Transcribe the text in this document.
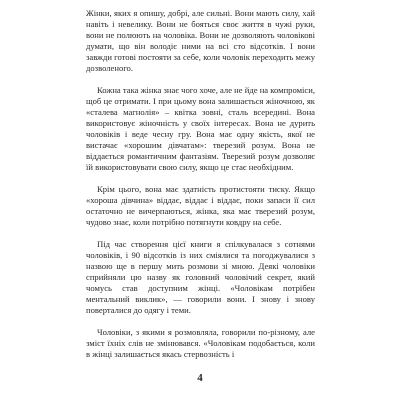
Жінки, яких я опишу, добрі, але сильні. Вони мають силу, хай навіть і невелику. Вони не бояться своє життя в чужі руки, вони не полюють на чоловіка. Вони не дозволяють чоловікові думати, що він володіє ними на всі сто відсотків. І вони завжди готові постояти за себе, коли чоловік переходить межу дозволеного.

Кожна така жінка знає чого хоче, але не йде на компроміси, щоб це отримати. І при цьому вона залишається жіночною, як «сталева магнолія» – квітка зовні, сталь всередині. Вона використовує жіночність у своїх інтересах. Вона не дурить чоловіків і веде чесну гру. Вона має одну якість, якої не вистачає «хорошим дівчатам»: тверезий розум. Вона не віддається романтичним фантазіям. Тверезий розум дозволяє їй використовувати свою силу, якщо це стає необхідним.

Крім цього, вона має здатність протистояти тиску. Якщо «хороша дівчина» віддає, віддає і віддає, поки запаси її сил остаточно не вичерпаються, жінка, яка має тверезий розум, чудово знає, коли потрібно потягнути ковдру на себе.

Під час створення цієї книги я спілкувалася з сотнями чоловіків, і 90 відсотків із них сміялися та погоджувалися з назвою ще в першу мить розмови зі мною. Деякі чоловіки сприйняли цю назву як головний чоловічий секрет, який чомусь став доступним жінці. «Чоловікам потрібен ментальний виклик», — говорили вони. І знову і знову поверталися до одягу і теми.

Чоловіки, з якими я розмовляла, говорили по-різному, але зміст їхніх слів не змінювався. «Чоловікам подобається, коли в жінці залишається якась стервозність і

4
